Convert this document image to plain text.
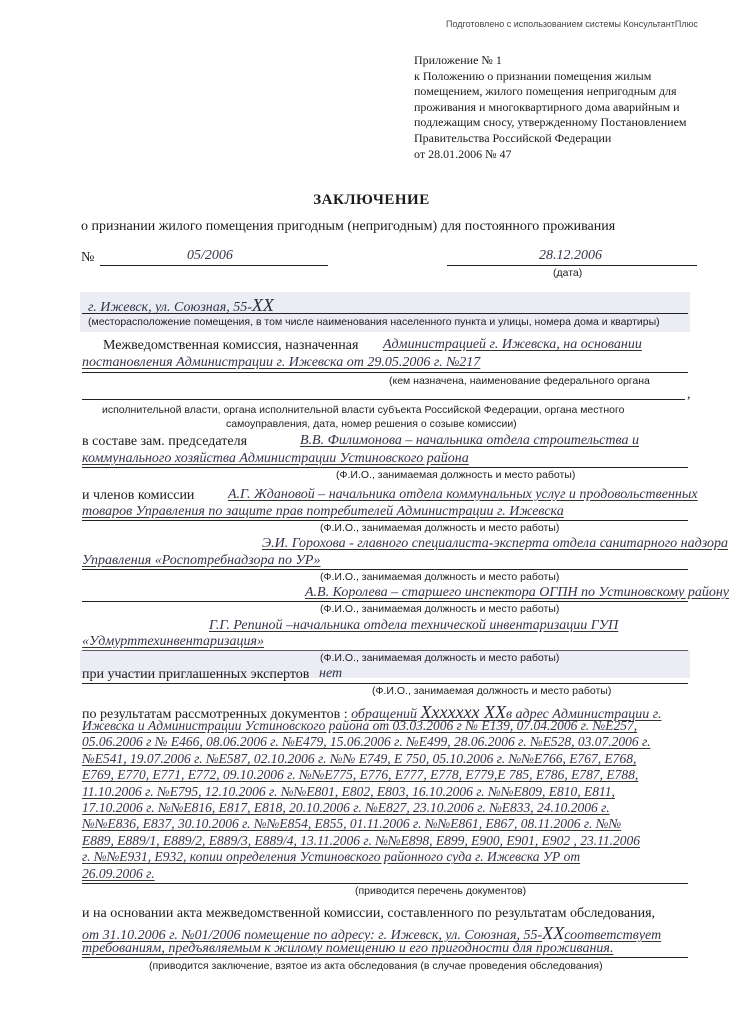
Подготовлено с использованием системы КонсультантПлюс
Приложение № 1
к Положению о признании помещения жилым
помещением, жилого помещения непригодным для
проживания и многоквартирного дома аварийным и
подлежащим сносу, утвержденному Постановлением
Правительства Российской Федерации
от 28.01.2006 № 47
ЗАКЛЮЧЕНИЕ
о признании жилого помещения пригодным (непригодным) для постоянного проживания
№	05/2006	28.12.2006
(дата)
г. Ижевск, ул. Союзная, 55-XX
(месторасположение помещения, в том числе наименования населенного пункта и улицы, номера дома и квартиры)
Межведомственная комиссия, назначенная Администрацией г. Ижевска, на основании
постановления Администрации г. Ижевска от 29.05.2006 г. №217
(кем назначена, наименование федерального органа
,
исполнительной власти, органа исполнительной власти субъекта Российской Федерации, органа местного
самоуправления, дата, номер решения о созыве комиссии)
в составе зам. председателя	В.В. Филимонова – начальника отдела строительства и
коммунального хозяйства Администрации Устиновского района
(Ф.И.О., занимаемая должность и место работы)
и членов комиссии А.Г. Ждановой – начальника отдела коммунальных услуг и продовольственных
товаров Управления по защите прав потребителей Администрации г. Ижевска
(Ф.И.О., занимаемая должность и место работы)
Э.И. Горохова - главного специалиста-эксперта отдела санитарного надзора
Управления «Роспотребнадзора по УР»
(Ф.И.О., занимаемая должность и место работы)
А.В. Королева – старшего инспектора ОГПН по Устиновскому району
(Ф.И.О., занимаемая должность и место работы)
Г.Г. Репиной –начальника отдела технической инвентаризации ГУП
«Удмурттехинвентаризация»
(Ф.И.О., занимаемая должность и место работы)
при участии приглашенных экспертов нет
(Ф.И.О., занимаемая должность и место работы)
по результатам рассмотренных документов : обращений Xxxxxxx XXв адрес Администрации г.
Ижевска и Администрации Устиновского района от 03.03.2006 г № Е139, 07.04.2006 г. №Е257,
05.06.2006 г № Е466, 08.06.2006 г. №Е479, 15.06.2006 г. №Е499, 28.06.2006 г. №Е528, 03.07.2006 г.
№Е541, 19.07.2006 г. №Е587, 02.10.2006 г. №№ Е749, Е 750, 05.10.2006 г. №№Е766, Е767, Е768,
Е769, Е770, Е771, Е772, 09.10.2006 г. №№Е775, Е776, Е777, Е778, Е779,Е 785, Е786, Е787, Е788,
11.10.2006 г. №Е795, 12.10.2006 г. №№Е801, Е802, Е803, 16.10.2006 г. №№Е809, Е810, Е811,
17.10.2006 г. №№Е816, Е817, Е818, 20.10.2006 г. №Е827, 23.10.2006 г. №Е833, 24.10.2006 г.
№№Е836, Е837, 30.10.2006 г. №№Е854, Е855, 01.11.2006 г. №№Е861, Е867, 08.11.2006 г. №№
Е889, Е889/1, Е889/2, Е889/3, Е889/4, 13.11.2006 г. №№Е898, Е899, Е900, Е901, Е902 , 23.11.2006
г. №№Е931, Е932, копии определения Устиновского районного суда г. Ижевска УР от
26.09.2006 г.
(приводится перечень документов)
и на основании акта межведомственной комиссии, составленного по результатам обследования,
от 31.10.2006 г. №01/2006 помещение по адресу: г. Ижевск, ул. Союзная, 55-XXсоответствует
требованиям, предъявляемым к жилому помещению и его пригодности для проживания.
(приводится заключение, взятое из акта обследования (в случае проведения обследования)
